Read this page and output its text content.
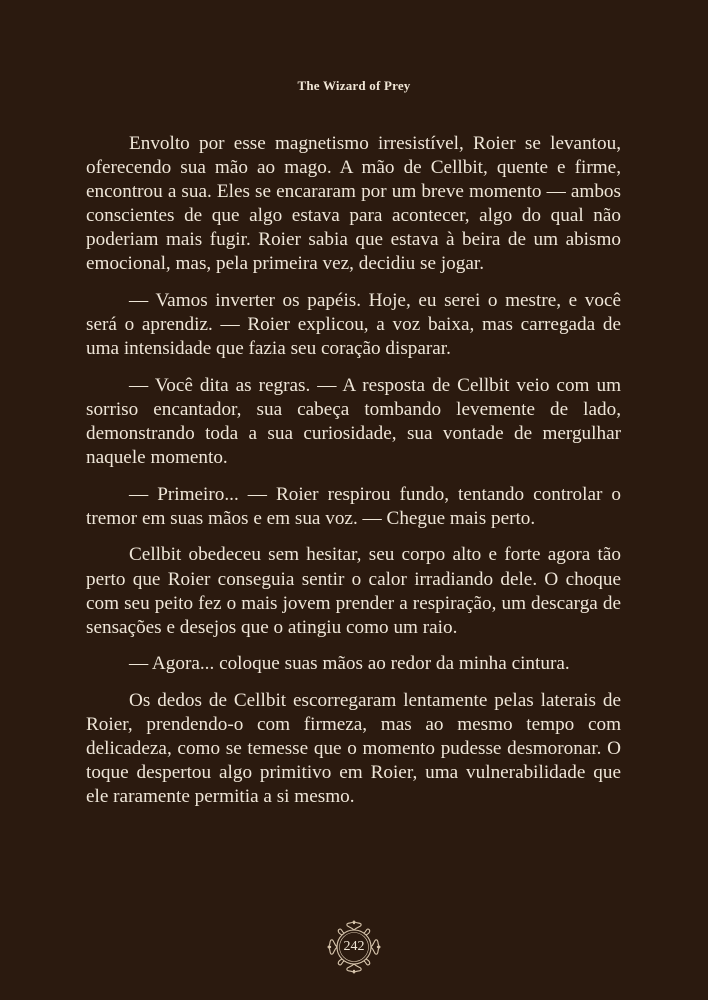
The Wizard of Prey

Envolto por esse magnetismo irresistível, Roier se levantou, oferecendo sua mão ao mago. A mão de Cellbit, quente e firme, encontrou a sua. Eles se encararam por um breve momento — ambos conscientes de que algo estava para acontecer, algo do qual não poderiam mais fugir. Roier sabia que estava à beira de um abismo emocional, mas, pela primeira vez, decidiu se jogar.

— Vamos inverter os papéis. Hoje, eu serei o mestre, e você será o aprendiz. — Roier explicou, a voz baixa, mas carregada de uma intensidade que fazia seu coração disparar.

— Você dita as regras. — A resposta de Cellbit veio com um sorriso encantador, sua cabeça tombando levemente de lado, demonstrando toda a sua curiosidade, sua vontade de mergulhar naquele momento.

— Primeiro... — Roier respirou fundo, tentando controlar o tremor em suas mãos e em sua voz. — Chegue mais perto.

Cellbit obedeceu sem hesitar, seu corpo alto e forte agora tão perto que Roier conseguia sentir o calor irradiando dele. O choque com seu peito fez o mais jovem prender a respiração, um descarga de sensações e desejos que o atingiu como um raio.

— Agora... coloque suas mãos ao redor da minha cintura.

Os dedos de Cellbit escorregaram lentamente pelas laterais de Roier, prendendo-o com firmeza, mas ao mesmo tempo com delicadeza, como se temesse que o momento pudesse desmoronar. O toque despertou algo primitivo em Roier, uma vulnerabilidade que ele raramente permitia a si mesmo.

242
